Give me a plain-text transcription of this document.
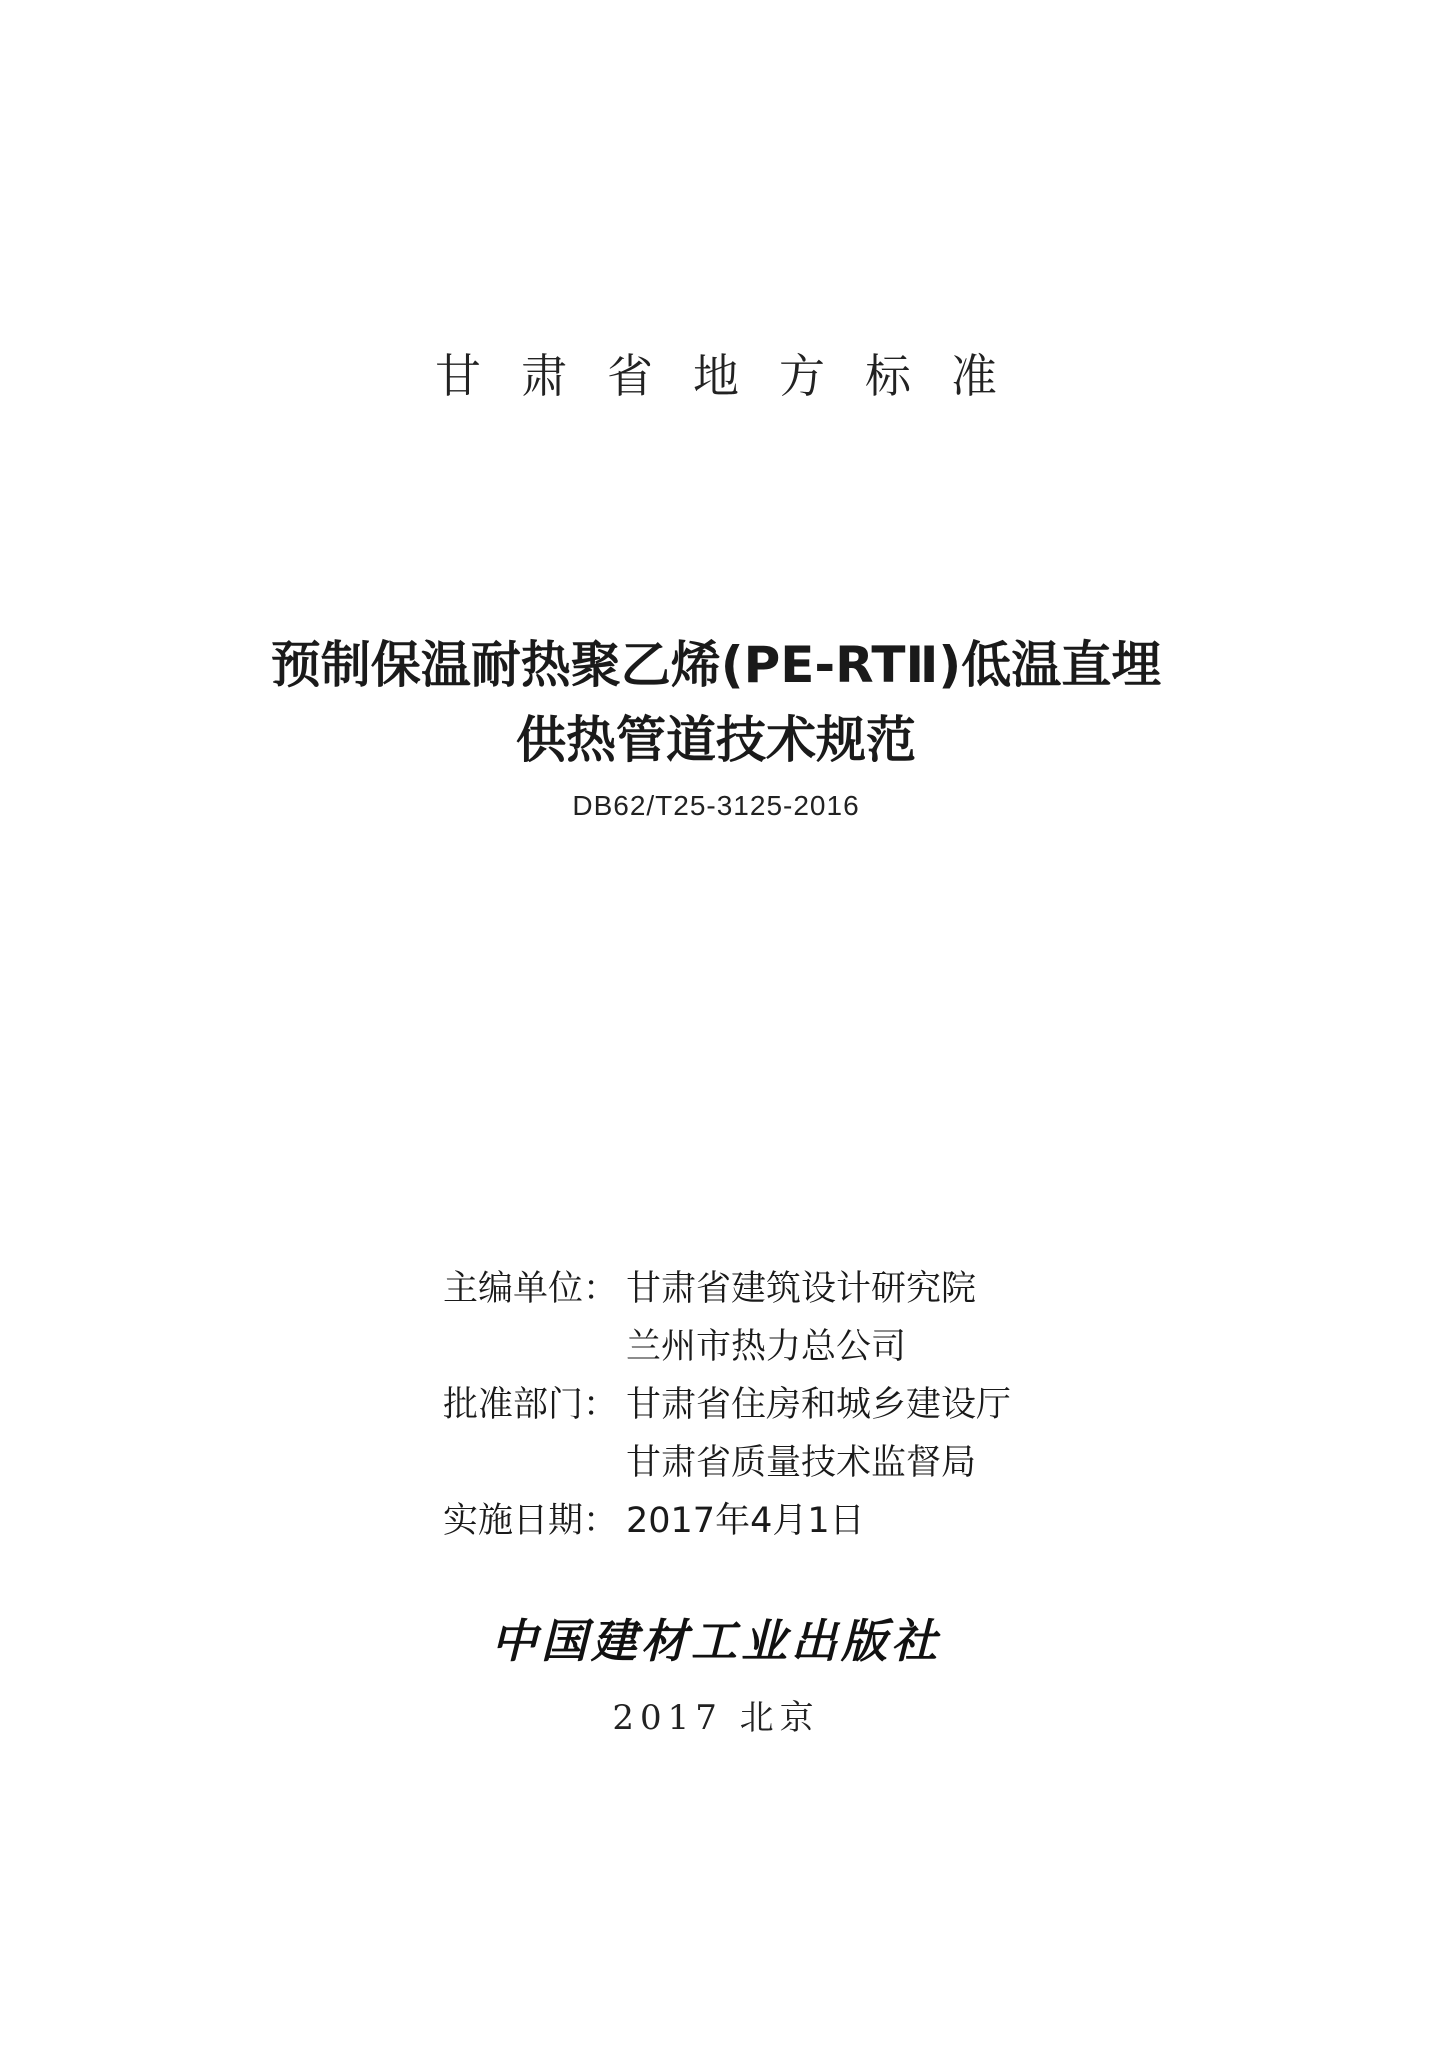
甘肃省地方标准
预制保温耐热聚乙烯(PE-RTⅡ)低温直埋
供热管道技术规范
DB62/T25-3125-2016
主编单位： 甘肃省建筑设计研究院
兰州市热力总公司
批准部门： 甘肃省住房和城乡建设厅
甘肃省质量技术监督局
实施日期： 2017年4月1日
中国建材工业出版社
2017 北京
